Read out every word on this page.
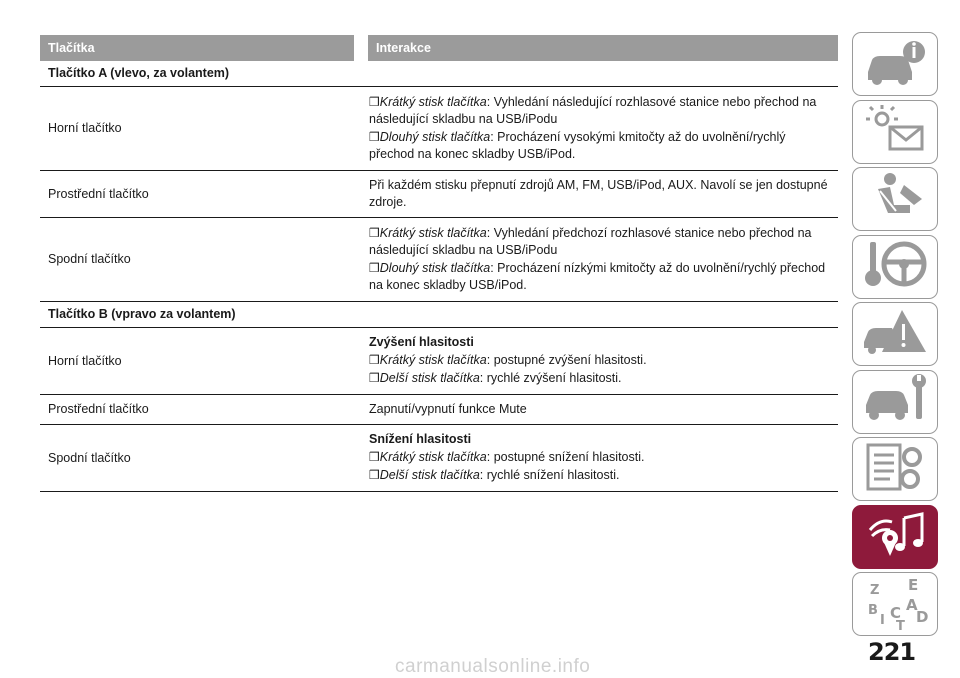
Tlačítka	Interakce
Tlačítko A (vlevo, za volantem)	
Horní tlačítko	❒Krátký stisk tlačítka: Vyhledání následující rozhlasové stanice nebo přechod na následující skladbu na USB/iPodu
❒Dlouhý stisk tlačítka: Procházení vysokými kmitočty až do uvolnění/rychlý přechod na konec skladby USB/iPod.

Prostřední tlačítko	Při každém stisku přepnutí zdrojů AM, FM, USB/iPod, AUX. Navolí se jen dostupné zdroje.
Spodní tlačítko	❒Krátký stisk tlačítka: Vyhledání předchozí rozhlasové stanice nebo přechod na následující skladbu na USB/iPodu
❒Dlouhý stisk tlačítka: Procházení nízkými kmitočty až do uvolnění/rychlý přechod na konec skladby USB/iPod.

Tlačítko B (vpravo za volantem)	
Horní tlačítko	Zvýšení hlasitosti
❒Krátký stisk tlačítka: postupné zvýšení hlasitosti.
❒Delší stisk tlačítka: rychlé zvýšení hlasitosti.

Prostřední tlačítko	Zapnutí/vypnutí funkce Mute
Spodní tlačítko	Snížení hlasitosti
❒Krátký stisk tlačítka: postupné snížení hlasitosti.
❒Delší stisk tlačítka: rychlé snížení hlasitosti.
Z E
B A
I C
T
D
221
carmanualsonline.info
